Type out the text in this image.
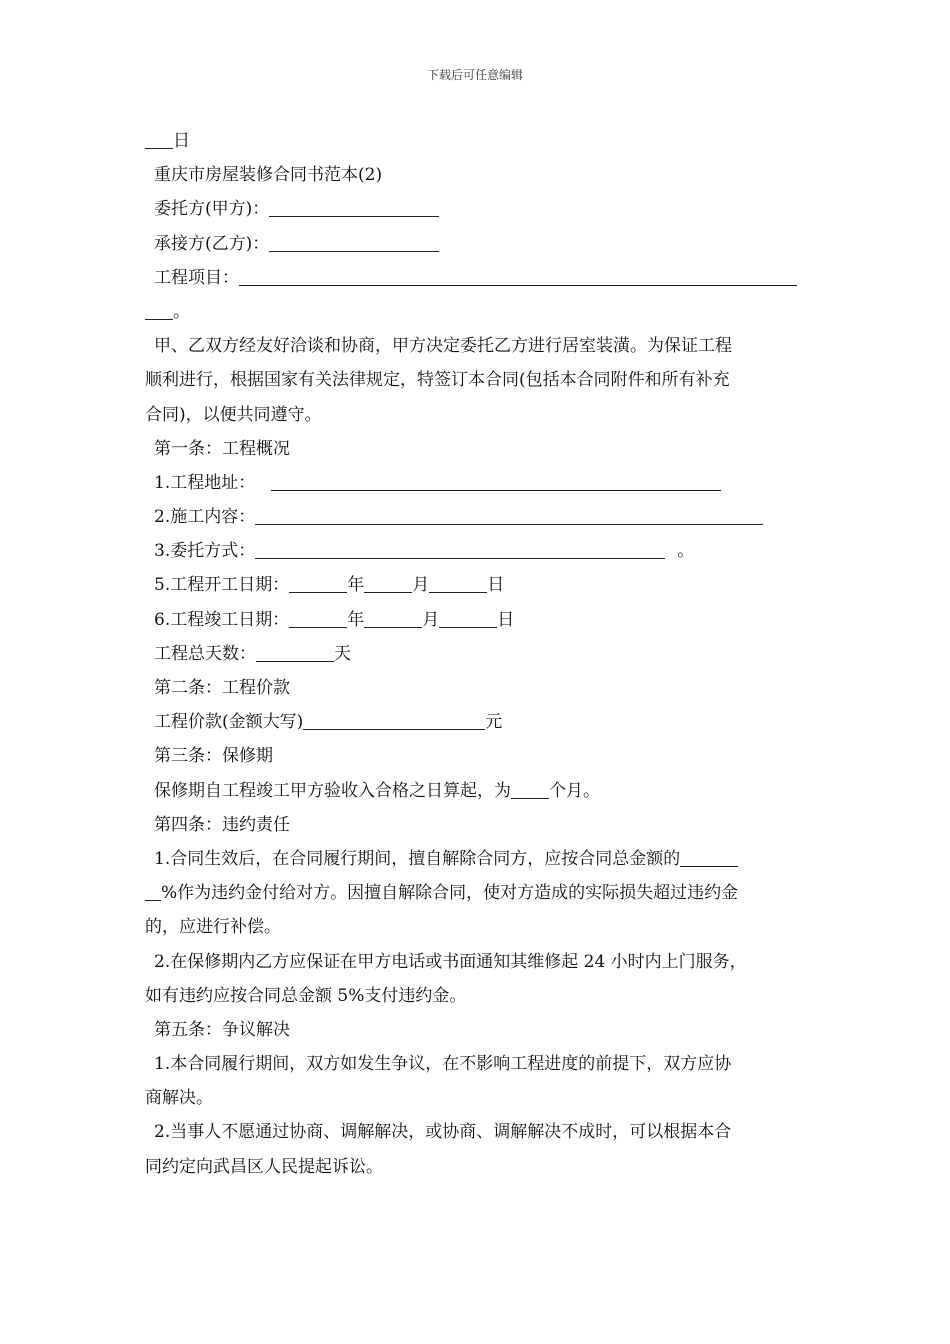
下载后可任意编辑
日
重庆市房屋装修合同书范本(2)
委托方(甲方)：
承接方(乙方)：
工程项目：
。
甲、乙双方经友好洽谈和协商，甲方决定委托乙方进行居室装潢。为保证工程
顺利进行，根据国家有关法律规定，特签订本合同(包括本合同附件和所有补充
合同)，以便共同遵守。
第一条：工程概况
1.工程地址：
2.施工内容：
3.委托方式：	。
5.工程开工日期：	年	月	日
6.工程竣工日期：	年	月	日
工程总天数：	天
第二条：工程价款
工程价款(金额大写)	元
第三条：保修期
保修期自工程竣工甲方验收入合格之日算起，为 个月。
第四条：违约责任
1.合同生效后，在合同履行期间，擅自解除合同方，应按合同总金额的
%作为违约金付给对方。因擅自解除合同，使对方造成的实际损失超过违约金
的，应进行补偿。
2.在保修期内乙方应保证在甲方电话或书面通知其维修起 24 小时内上门服务，
如有违约应按合同总金额 5%支付违约金。
第五条：争议解决
1.本合同履行期间，双方如发生争议，在不影响工程进度的前提下，双方应协
商解决。
2.当事人不愿通过协商、调解解决，或协商、调解解决不成时，可以根据本合
同约定向武昌区人民提起诉讼。
